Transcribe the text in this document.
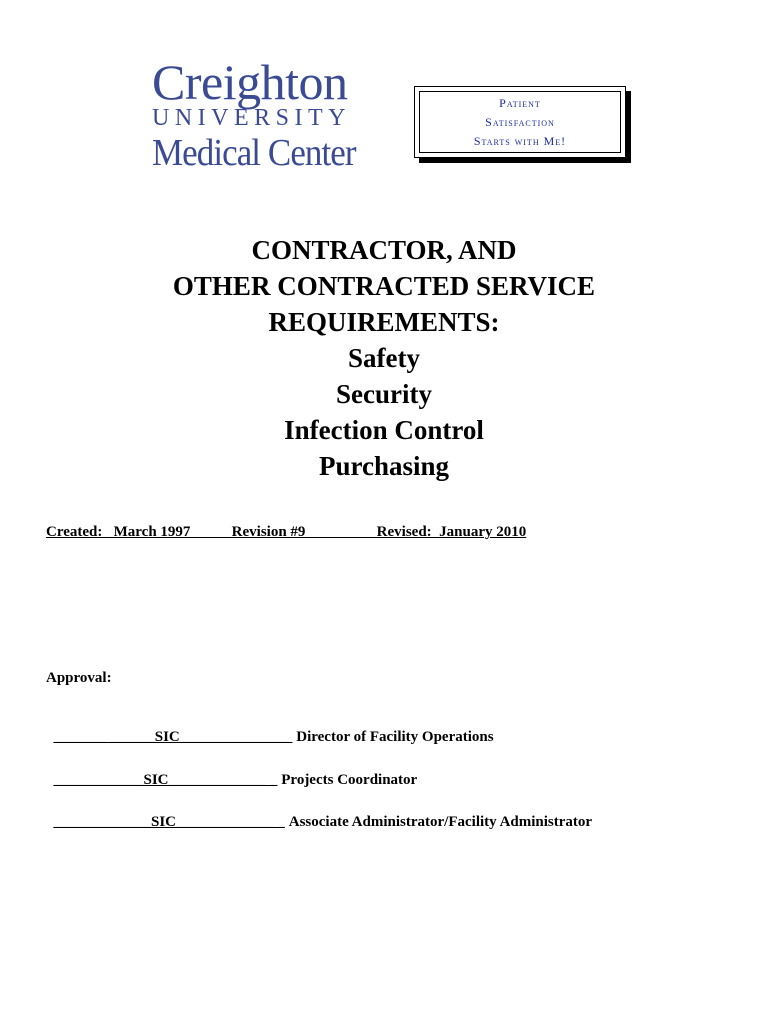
Creighton
UNIVERSITY
Medical Center
Patient
Satisfaction
Starts with Me!
CONTRACTOR, AND
OTHER CONTRACTED SERVICE
REQUIREMENTS:
Safety
Security
Infection Control
Purchasing
Created:   March 1997           Revision #9                   Revised:  January 2010
Approval:

_______ ______SIC_______________ Director of Facility Operations

____________SIC_____________ _ Projects Coordinator

_____________SIC_____________ _ Associate Administrator/Facility Administrator
